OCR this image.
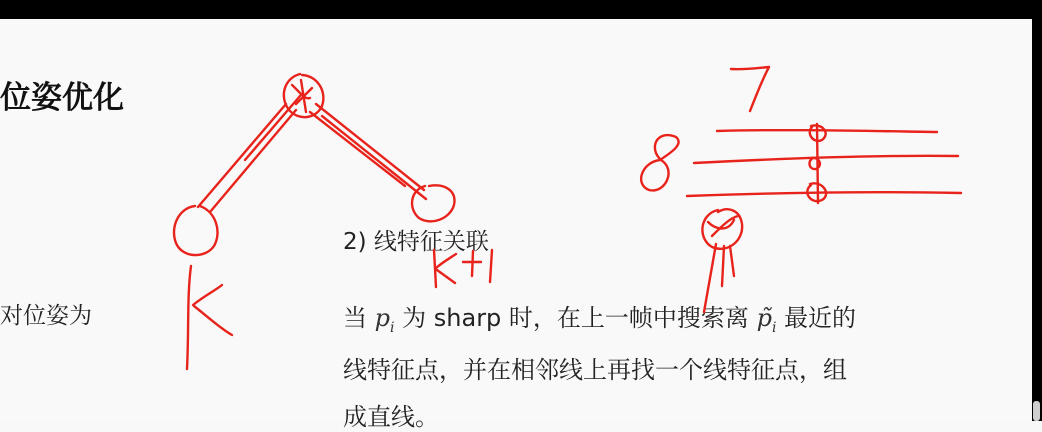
位姿优化
对位姿为
2) 线特征关联
当 $p_i$ 为 sharp 时，在上一帧中搜索离 $p̃_i$ 最近的
线特征点，并在相邻线上再找一个线特征点，组
成直线。
